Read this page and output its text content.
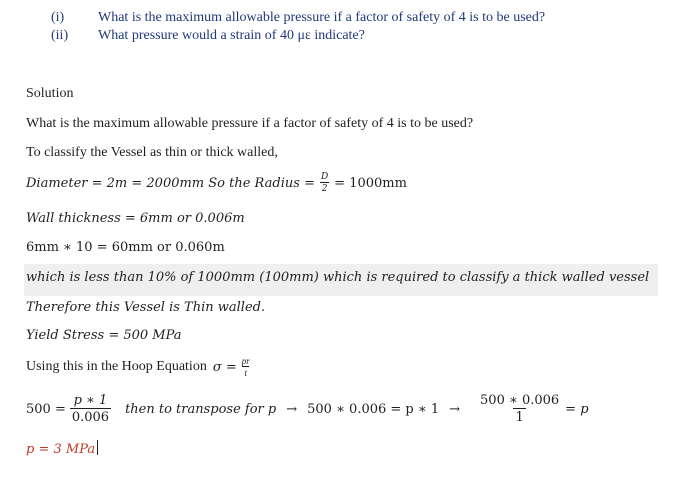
(i) What is the maximum allowable pressure if a factor of safety of 4 is to be used?
(ii) What pressure would a strain of 40 με indicate?
Solution
What is the maximum allowable pressure if a factor of safety of 4 is to be used?
To classify the Vessel as thin or thick walled,
Diameter = 2m = 2000mm So the Radius = $\frac{D}{2} = 1000mm$
Wall thickness = 6mm or 0.006m
6mm ∗ 10 = 60mm or 0.060m
which is less than 10% of 1000mm (100mm) which is required to classify a thick walled vessel
Therefore this Vessel is Thin walled.
Yield Stress = 500 MPa
Using this in the Hoop Equation $\sigma = \frac{pr}{t}$
$500 = \frac{p ∗ 1}{0.006}$ then to transpose for p → 500 ∗ 0.006 = p ∗ $1 \to \frac{500 ∗ 0.006}{1} = p$
p = 3 MPa
